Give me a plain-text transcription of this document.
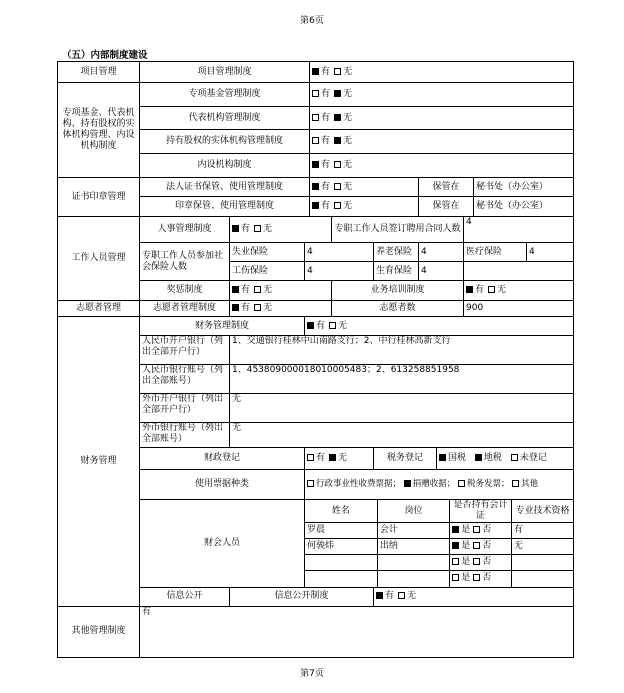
第6页
（五）内部制度建设
项目管理	项目管理制度	有 无
专项基金、代表机构、持有股权的实体机构管理、内设机构制度	专项基金管理制度	有 无
代表机构管理制度	有 无
持有股权的实体机构管理制度	有 无
内设机构制度	有 无
证书印章管理	法人证书保管、使用管理制度	有 无	保管在	秘书处（办公室）
印章保管、使用管理制度	有 无	保管在	秘书处（办公室）
工作人员管理	人事管理制度	有 无	专职工作人员签订聘用合同人数	4
专职工作人员参加社会保险人数	失业保险	4	养老保险	4	医疗保险	4
工伤保险	4	生育保险	4	
奖惩制度	有 无	业务培训制度	有 无
志愿者管理	志愿者管理制度	有 无	志愿者数	900
财务管理	财务管理制度	有 无
人民币开户银行（列出全部开户行）	1、交通银行桂林中山南路支行；2、中行桂林高新支行
人民币银行账号（列出全部账号）	1、453809000018010005483；2、613258851958
外币开户银行（列出全部开户行）	无
外币银行账号（列出全部账号）	无
财政登记	有 无	税务登记	国税 地税 未登记
使用票据种类	行政事业性收费票据； 捐赠收据； 税务发票； 其他
财会人员	
姓名	岗位	是否持有会计证	专业技术资格
罗晨	会计	是 否	有
何骏炜	出纳	是 否	无
		是 否	
		是 否	

信息公开	信息公开制度	有 无
其他管理制度	有
第7页
